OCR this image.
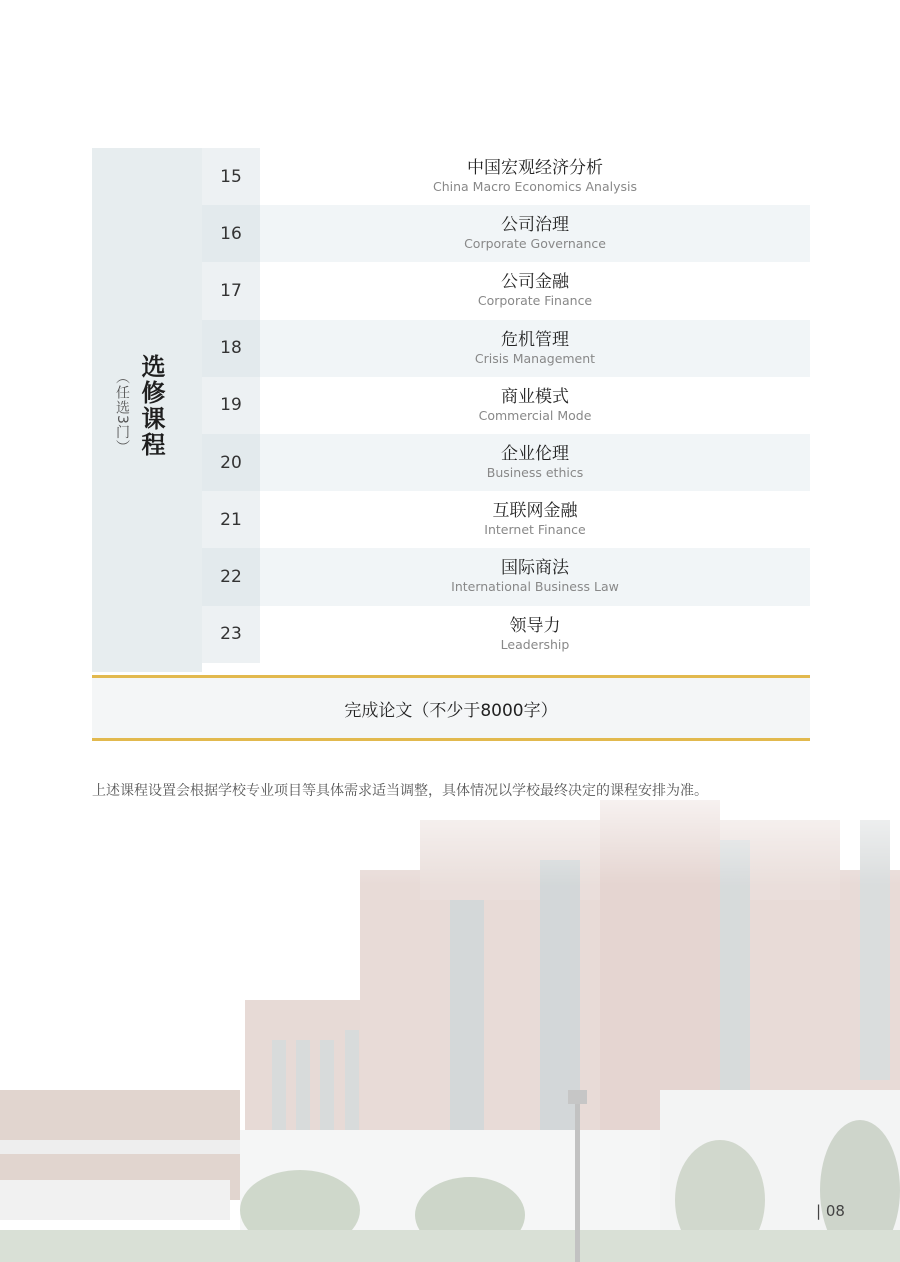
（任选3门） 选修课程
15	中国宏观经济分析
China Macro Economics Analysis
16	公司治理
Corporate Governance
17	公司金融
Corporate Finance
18	危机管理
Crisis Management
19	商业模式
Commercial Mode
20	企业伦理
Business ethics
21	互联网金融
Internet Finance
22	国际商法
International Business Law
23	领导力
Leadership
完成论文（不少于8000字）
上述课程设置会根据学校专业项目等具体需求适当调整，具体情况以学校最终决定的课程安排为准。
| 08
